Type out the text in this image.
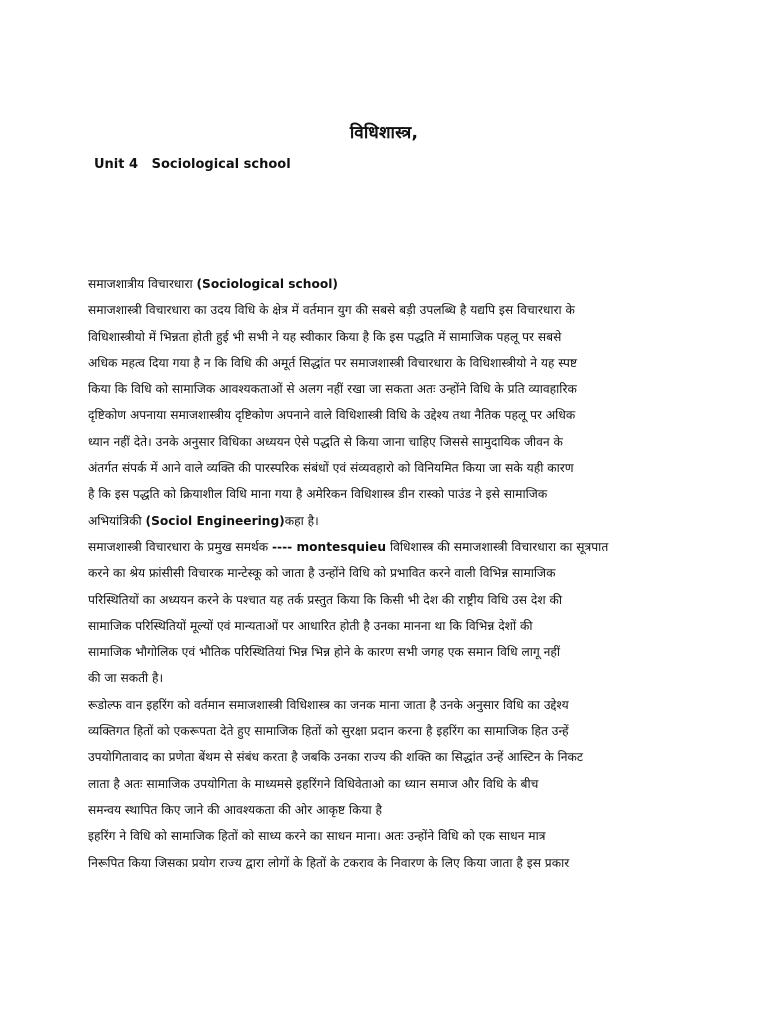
विधिशास्त्र,
Unit 4   Sociological school
समाजशात्रीय विचारधारा (Sociological school)
समाजशास्त्री विचारधारा का उदय विधि के क्षेत्र में वर्तमान युग की सबसे बड़ी उपलब्धि है यद्यपि इस विचारधारा के
विधिशास्त्रीयो में भिन्नता होती हुई भी सभी ने यह स्वीकार किया है कि इस पद्धति में सामाजिक पहलू पर सबसे
अधिक महत्व दिया गया है न कि विधि की अमूर्त सिद्धांत पर समाजशास्त्री विचारधारा के विधिशास्त्रीयो ने यह स्पष्ट
किया कि विधि को सामाजिक आवश्यकताओं से अलग नहीं रखा जा सकता अतः उन्होंने विधि के प्रति व्यावहारिक
दृष्टिकोण अपनाया समाजशास्त्रीय दृष्टिकोण अपनाने वाले विधिशास्त्री विधि के उद्देश्य तथा नैतिक पहलू पर अधिक
ध्यान नहीं देते। उनके अनुसार विधिका अध्ययन ऐसे पद्धति से किया जाना चाहिए जिससे सामुदायिक जीवन के
अंतर्गत संपर्क में आने वाले व्यक्ति की पारस्परिक संबंधों एवं संव्यवहारो को विनियमित किया जा सके यही कारण
है कि इस पद्धति को क्रियाशील विधि माना गया है अमेरिकन विधिशास्त्र डीन रास्को पाउंड ने इसे सामाजिक
अभियांत्रिकी (Sociol Engineering)कहा है।
समाजशास्त्री विचारधारा के प्रमुख समर्थक ---- montesquieu विधिशास्त्र की समाजशास्त्री विचारधारा का सूत्रपात
करने का श्रेय फ्रांसीसी विचारक मान्टेस्कू को जाता है उन्होंने विधि को प्रभावित करने वाली विभिन्न सामाजिक
परिस्थितियों का अध्ययन करने के पश्चात यह तर्क प्रस्तुत किया कि किसी भी देश की राष्ट्रीय विधि उस देश की
सामाजिक परिस्थितियों मूल्यों एवं मान्यताओं पर आधारित होती है उनका मानना था कि विभिन्न देशों की
सामाजिक भौगोलिक एवं भौतिक परिस्थितियां भिन्न भिन्न होने के कारण सभी जगह एक समान विधि लागू नहीं
की जा सकती है।
रूडोल्फ वान इहरिंग को वर्तमान समाजशास्त्री विधिशास्त्र का जनक माना जाता है उनके अनुसार विधि का उद्देश्य
व्यक्तिगत हितों को एकरूपता देते हुए सामाजिक हितों को सुरक्षा प्रदान करना है इहरिंग का सामाजिक हित उन्हें
उपयोगितावाद का प्रणेता बेंथम से संबंध करता है जबकि उनका राज्य की शक्ति का सिद्धांत उन्हें आस्टिन के निकट
लाता है अतः सामाजिक उपयोगिता के माध्यमसे इहरिंगने विधिवेताओ का ध्यान समाज और विधि के बीच
समन्वय स्थापित किए जाने की आवश्यकता की ओर आकृष्ट किया है
इहरिंग ने विधि को सामाजिक हितों को साध्य करने का साधन माना। अतः उन्होंने विधि को एक साधन मात्र
निरूपित किया जिसका प्रयोग राज्य द्वारा लोगों के हितों के टकराव के निवारण के लिए किया जाता है इस प्रकार
